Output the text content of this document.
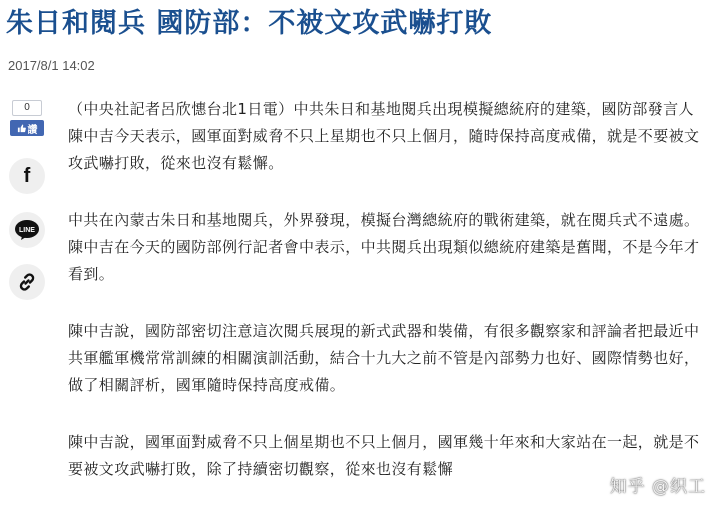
朱日和閱兵 國防部：不被文攻武嚇打敗
2017/8/1 14:02
0
讚
f
LINE

（中央社記者呂欣憓台北1日電）中共朱日和基地閱兵出現模擬總統府的建築，國防部發言人陳中吉今天表示，國軍面對威脅不只上星期也不只上個月，隨時保持高度戒備，就是不要被文攻武嚇打敗，從來也沒有鬆懈。

中共在內蒙古朱日和基地閱兵，外界發現，模擬台灣總統府的戰術建築，就在閱兵式不遠處。陳中吉在今天的國防部例行記者會中表示，中共閱兵出現類似總統府建築是舊聞，不是今年才看到。

陳中吉說，國防部密切注意這次閱兵展現的新式武器和裝備，有很多觀察家和評論者把最近中共軍艦軍機常常訓練的相關演訓活動，結合十九大之前不管是內部勢力也好、國際情勢也好，做了相關評析，國軍隨時保持高度戒備。

陳中吉說，國軍面對威脅不只上個星期也不只上個月，國軍幾十年來和大家站在一起，就是不要被文攻武嚇打敗，除了持續密切觀察，從來也沒有鬆懈

知乎 @织工
